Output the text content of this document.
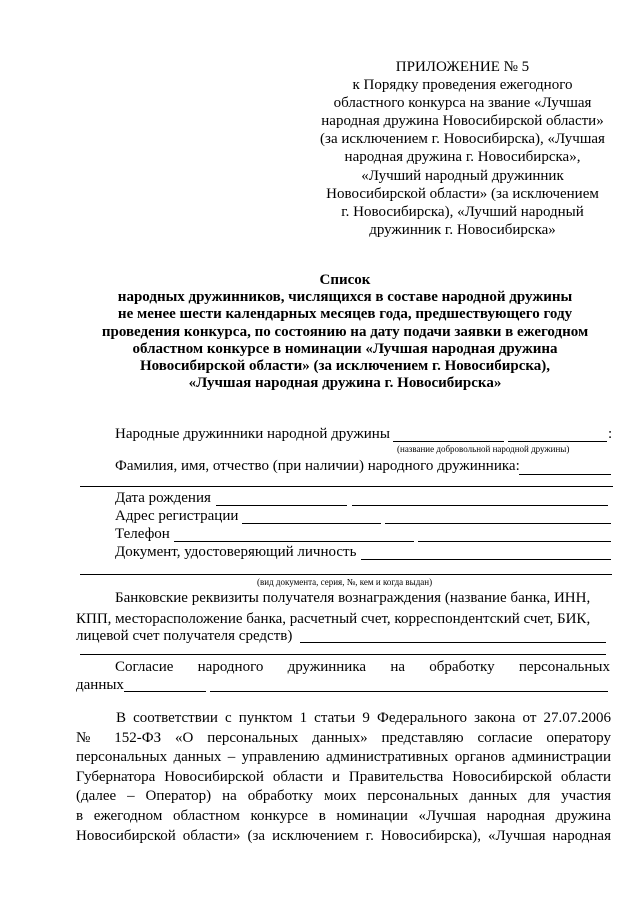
ПРИЛОЖЕНИЕ № 5
к Порядку проведения ежегодного
областного конкурса на звание «Лучшая
народная дружина Новосибирской области»
(за исключением г. Новосибирска), «Лучшая
народная дружина г. Новосибирска»,
«Лучший народный дружинник
Новосибирской области» (за исключением
г. Новосибирска), «Лучший народный
дружинник г. Новосибирска»
Список
народных дружинников, числящихся в составе народной дружины
не менее шести календарных месяцев года, предшествующего году
проведения конкурса, по состоянию на дату подачи заявки в ежегодном
областном конкурсе в номинации «Лучшая народная дружина
Новосибирской области» (за исключением г. Новосибирска),
«Лучшая народная дружина г. Новосибирска»
Народные дружинники народной дружины	:
(название добровольной народной дружины)
Фамилия, имя, отчество (при наличии) народного дружинника:
Дата рождения
Адрес регистрации
Телефон
Документ, удостоверяющий личность
(вид документа, серия, №, кем и когда выдан)
Банковские реквизиты получателя вознаграждения (название банка, ИНН,
КПП, месторасположение банка, расчетный счет, корреспондентский счет, БИК,
лицевой счет получателя средств)
Согласие народного дружинника на обработку персональных
данных
В соответствии с пунктом 1 статьи 9 Федерального закона от 27.07.2006
№ 152-ФЗ «О персональных данных» представляю согласие оператору
персональных данных – управлению административных органов администрации
Губернатора Новосибирской области и Правительства Новосибирской области
(далее – Оператор) на обработку моих персональных данных для участия
в ежегодном областном конкурсе в номинации «Лучшая народная дружина
Новосибирской области» (за исключением г. Новосибирска), «Лучшая народная
